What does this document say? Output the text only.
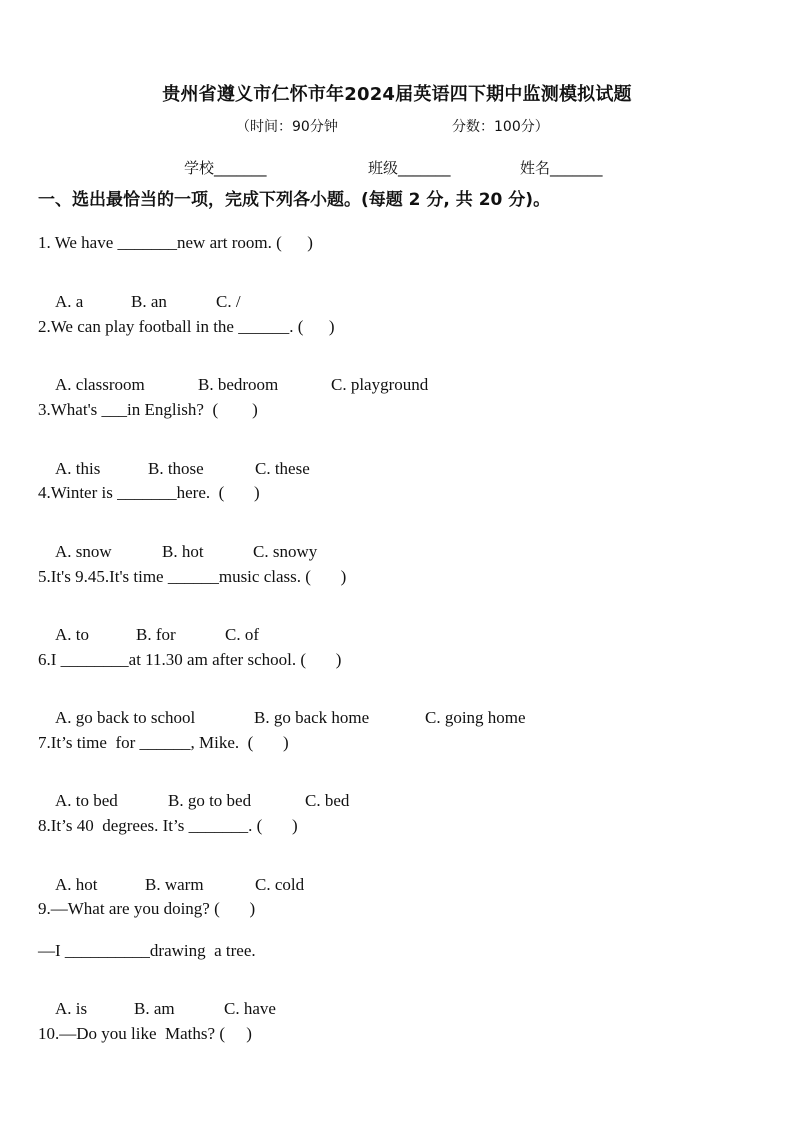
贵州省遵义市仁怀市年2024届英语四下期中监测模拟试题
（时间：90分钟	分数：100分）
学校_______	班级_______	姓名_______
一、选出最恰当的一项，完成下列各小题。(每题 2 分, 共 20 分)。
1. We have _______new art room. (      )

A. a	B. an	C. /

2.We can play football in the ______. (      )

A. classroom	B. bedroom	C. playground

3.What's ___in English?  (        )

A. this	B. those	C. these

4.Winter is _______here.  (       )

A. snow	B. hot	C. snowy

5.It's 9.45.It's time ______music class. (       )

A. to	B. for	C. of

6.I ________at 11.30 am after school. (       )

A. go back to school	B. go back home	C. going home

7.It’s time  for ______, Mike.  (       )

A. to bed	B. go to bed	C. bed

8.It’s 40  degrees. It’s _______. (       )

A. hot	B. warm	C. cold

9.—What are you doing? (       )
—I __________drawing  a tree.

A. is	B. am	C. have

10.—Do you like  Maths? (     )
